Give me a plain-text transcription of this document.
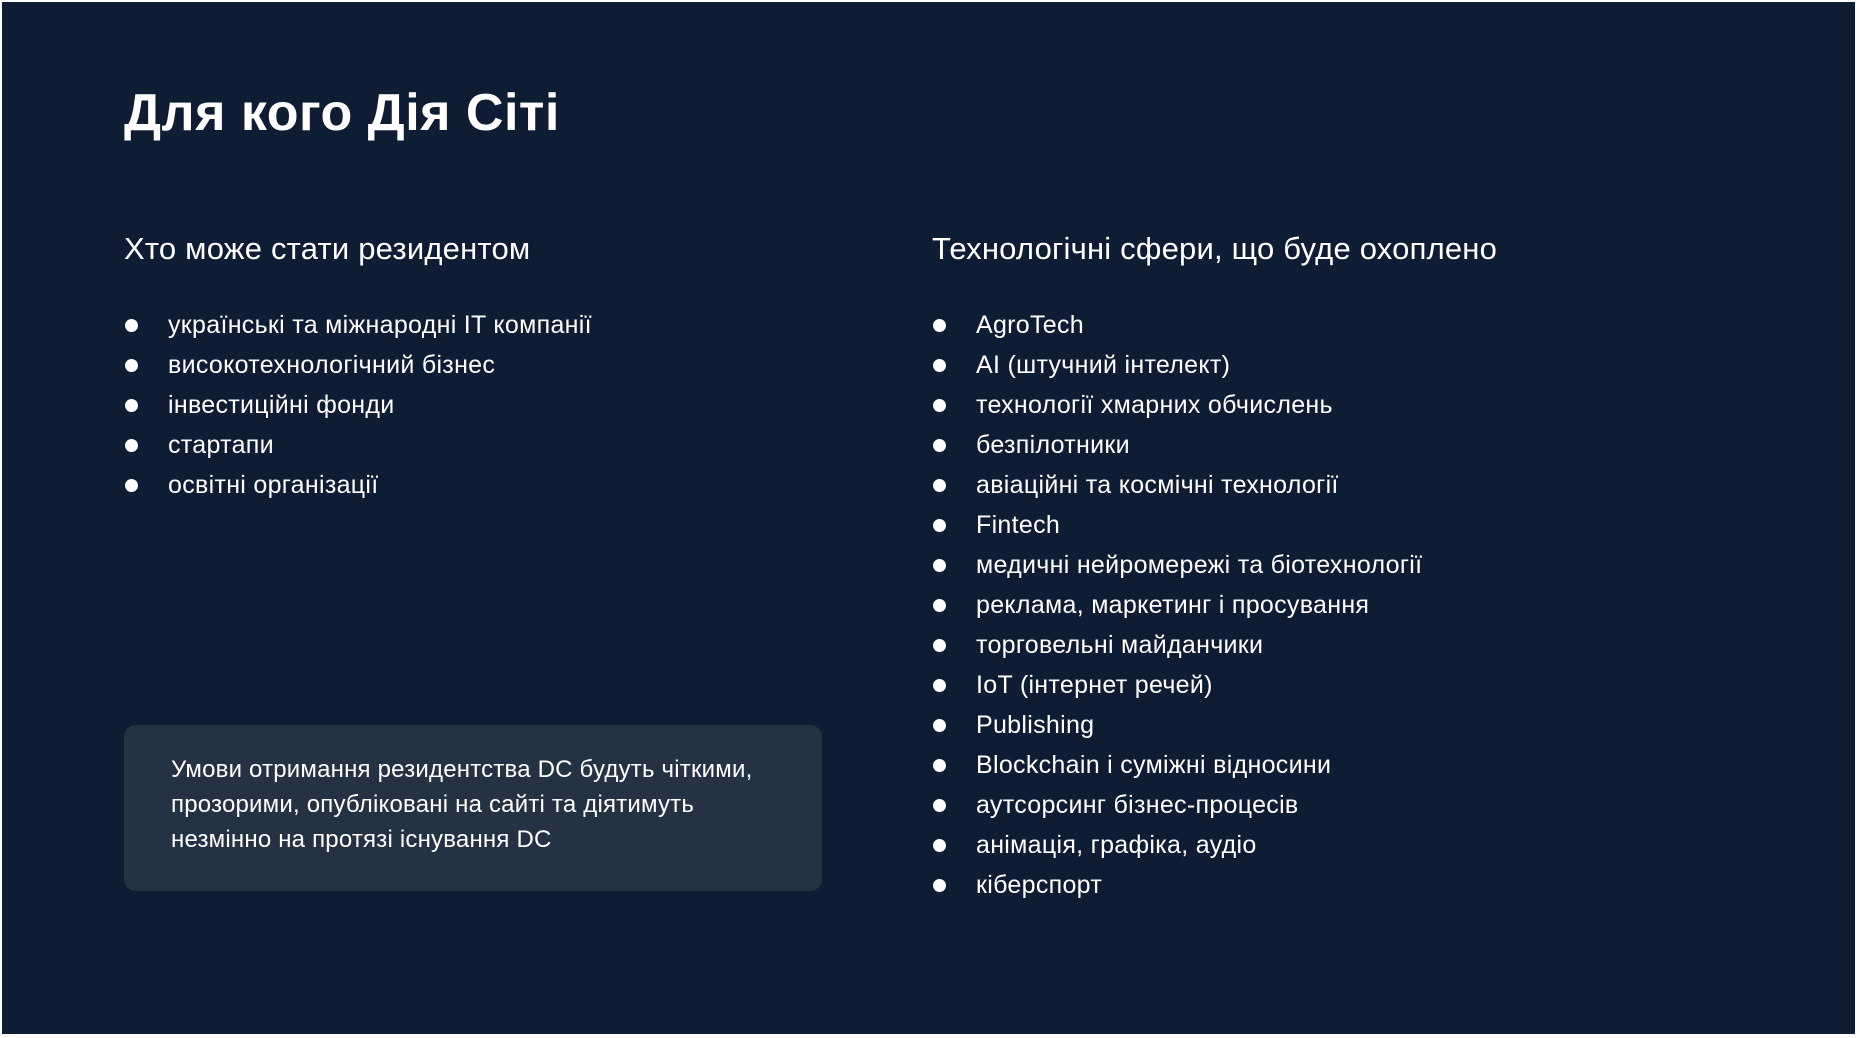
Для кого Дія Сіті
Хто може стати резидентом
українські та міжнародні IT компанії
високотехнологічний бізнес
інвестиційні фонди
стартапи
освітні організації

Умови отримання резидентства DC будуть чіткими, прозорими, опубліковані на сайті та діятимуть незмінно на протязі існування DC

Технологічні сфери, що буде охоплено
AgroTech
AI (штучний інтелект)
технології хмарних обчислень
безпілотники
авіаційні та космічні технології
Fintech
медичні нейромережі та біотехнології
реклама, маркетинг і просування
торговельні майданчики
IoT (інтернет речей)
Publishing
Blockchain і суміжні відносини
аутсорсинг бізнес-процесів
анімація, графіка, аудіо
кіберспорт
